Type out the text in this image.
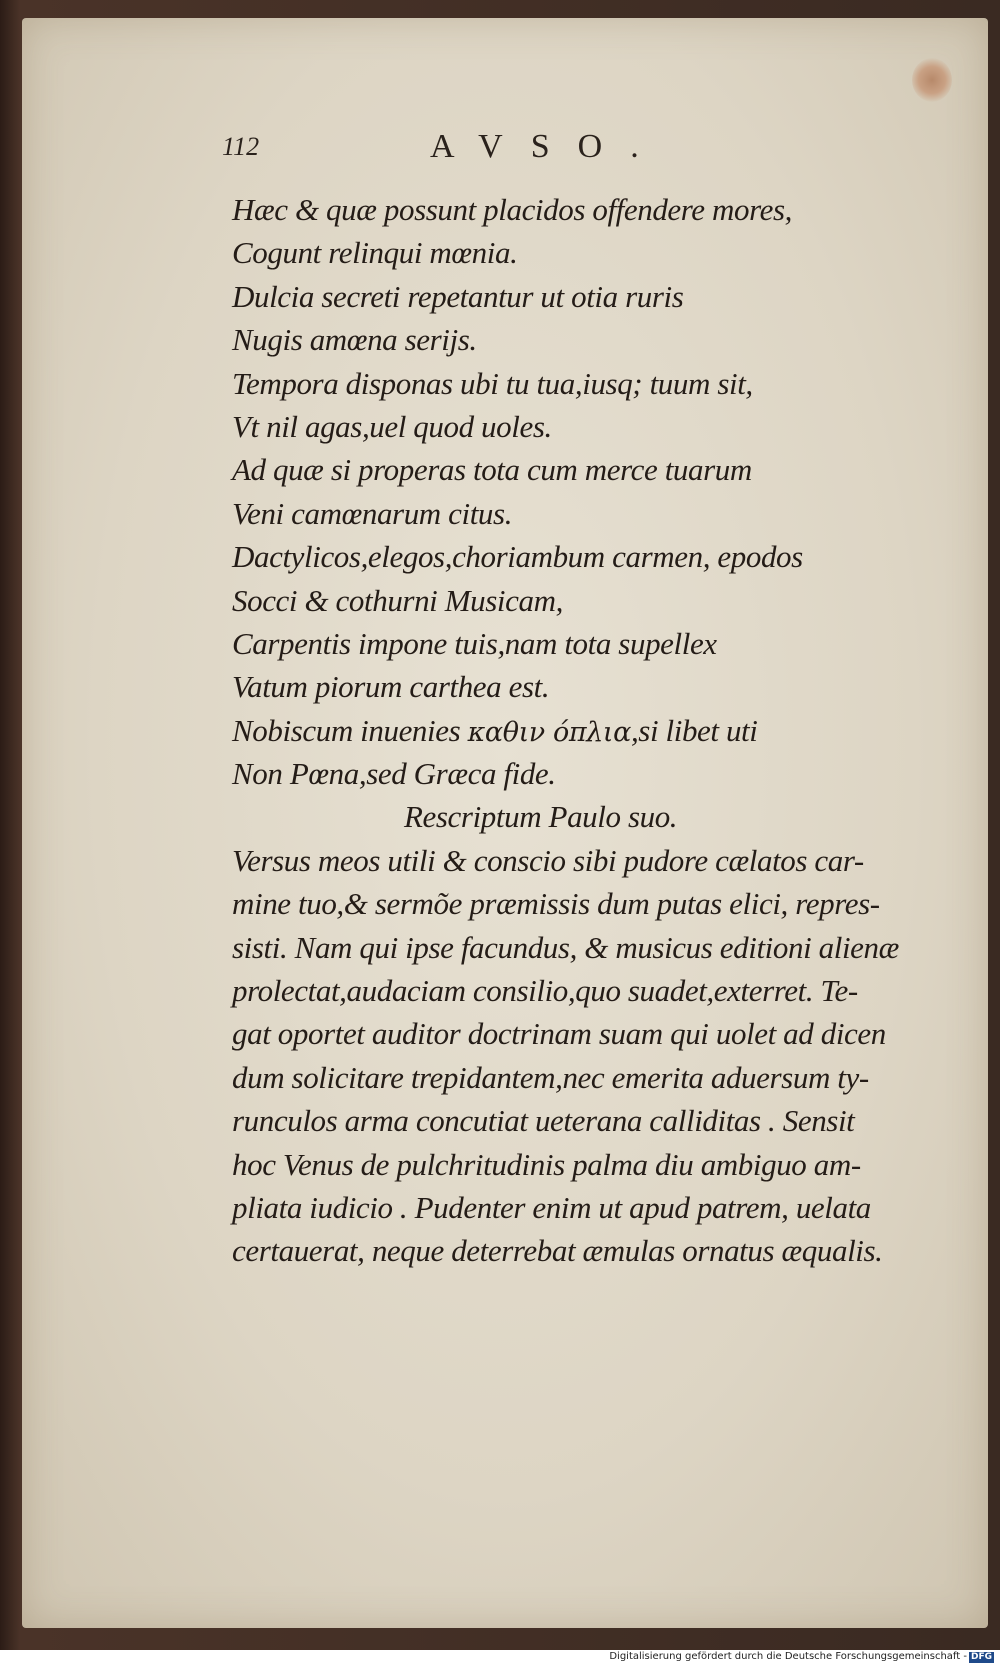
112	AVSO.
Hæc & quæ possunt placidos offendere mores,
Cogunt relinqui mœnia.
Dulcia secreti repetantur ut otia ruris
Nugis amœna serijs.
Tempora disponas ubi tu tua,iusq; tuum sit,
Vt nil agas,uel quod uoles.
Ad quæ si properas tota cum merce tuarum
Veni camœnarum citus.
Dactylicos,elegos,choriambum carmen, epodos
Socci & cothurni Musicam,
Carpentis impone tuis,nam tota supellex
Vatum piorum carthea est.
Nobiscum inuenies καθιν όπλια,si libet uti
Non Pœna,sed Græca fide.
Rescriptum Paulo suo.
Versus meos utili & conscio sibi pudore cælatos car-
mine tuo,& sermõe præmissis dum putas elici, repres-
sisti. Nam qui ipse facundus, & musicus editioni alienæ
prolectat,audaciam consilio,quo suadet,exterret. Te-
gat oportet auditor doctrinam suam qui uolet ad dicen
dum solicitare trepidantem,nec emerita aduersum ty-
runculos arma concutiat ueterana calliditas . Sensit
hoc Venus de pulchritudinis palma diu ambiguo am-
pliata iudicio . Pudenter enim ut apud patrem, uelata
certauerat, neque deterrebat æmulas ornatus æqualis.
Digitalisierung gefördert durch die Deutsche Forschungsgemeinschaft - DFG
